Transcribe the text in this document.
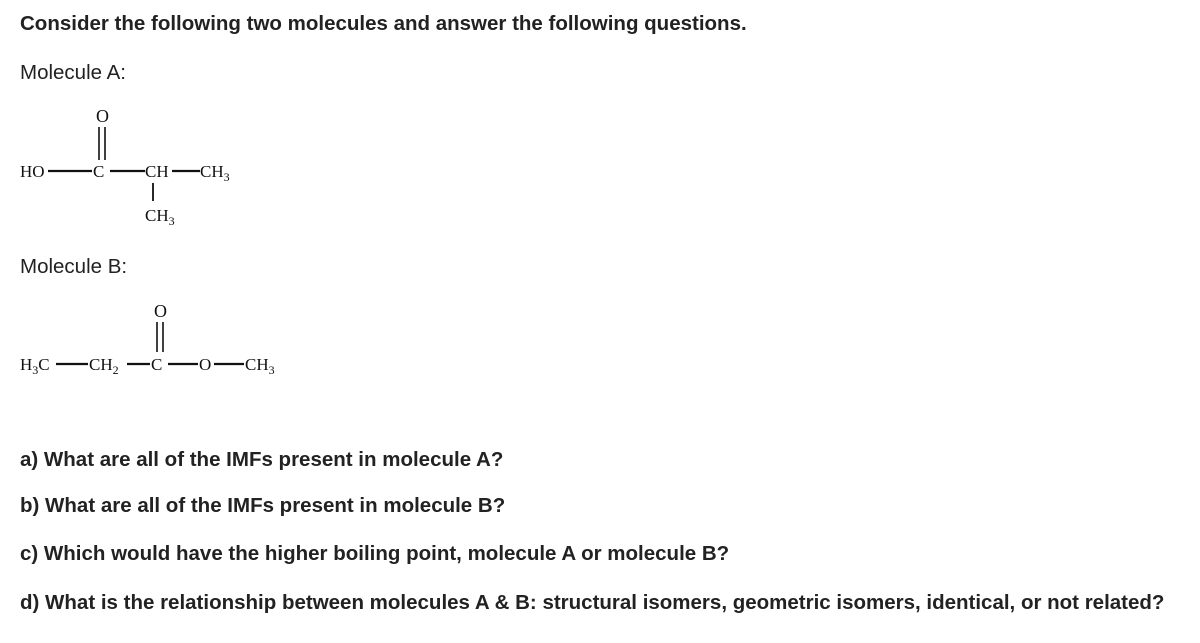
Consider the following two molecules and answer the following questions.
Molecule A:
O
HO	C CH $CH_3$
$CH_3$
Molecule B:
O
$H_3C$ $CH_2$ C O $CH_3$
a) What are all of the IMFs present in molecule A?
b) What are all of the IMFs present in molecule B?
c) Which would have the higher boiling point, molecule A or molecule B?
d) What is the relationship between molecules A & B: structural isomers, geometric isomers, identical, or not related?
